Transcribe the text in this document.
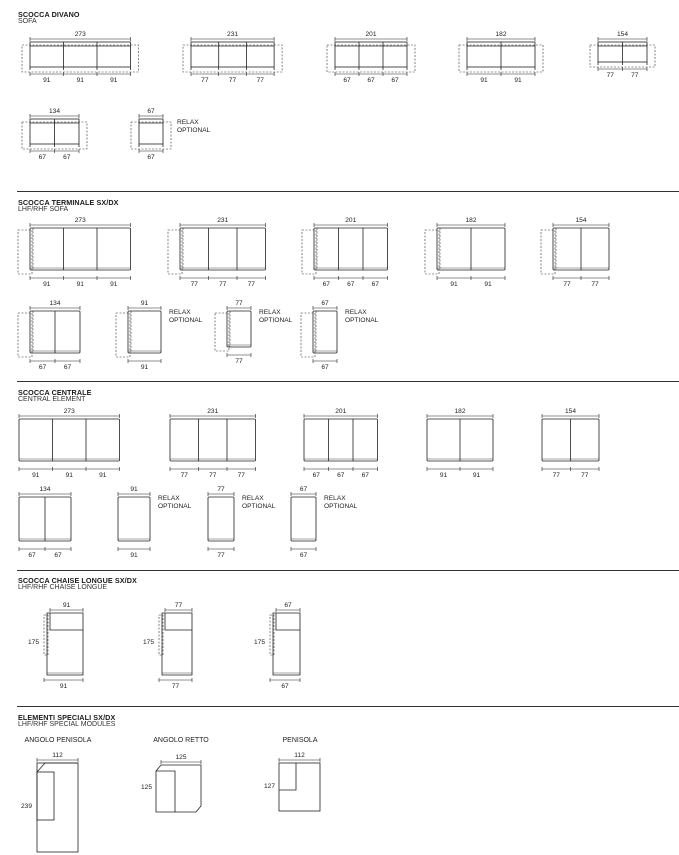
SCOCCA DIVANO
SOFA
SCOCCA TERMINALE SX/DX
LHF/RHF SOFA
SCOCCA CENTRALE
CENTRAL ELEMENT
SCOCCA CHAISE LONGUE SX/DX
LHF/RHF CHAISE LONGUE
ELEMENTI SPECIALI SX/DX
LHF/RHF SPECIAL MODULES
273
91	91	91
231
77	77	77
201
67	67	67
182
91	91
154
77	77
134
67	67
67
67
RELAX
OPTIONAL
273
91	91	91
231
77	77	77
201
67	67	67
182
91	91
154
77	77
134
67	67
91
91
RELAX
OPTIONAL
77
77
RELAX
OPTIONAL
67
67
RELAX
OPTIONAL
273
91	91	91
231
77	77	77
201
67	67	67
182
91	91
154
77	77
134
67	67
91
91
RELAX
OPTIONAL
77
77
RELAX
OPTIONAL
67
67
RELAX
OPTIONAL
91
91
175
77
77
175
67
67
175
ANGOLO PENISOLA
112
239
ANGOLO RETTO
125
125
PENISOLA
112
127
